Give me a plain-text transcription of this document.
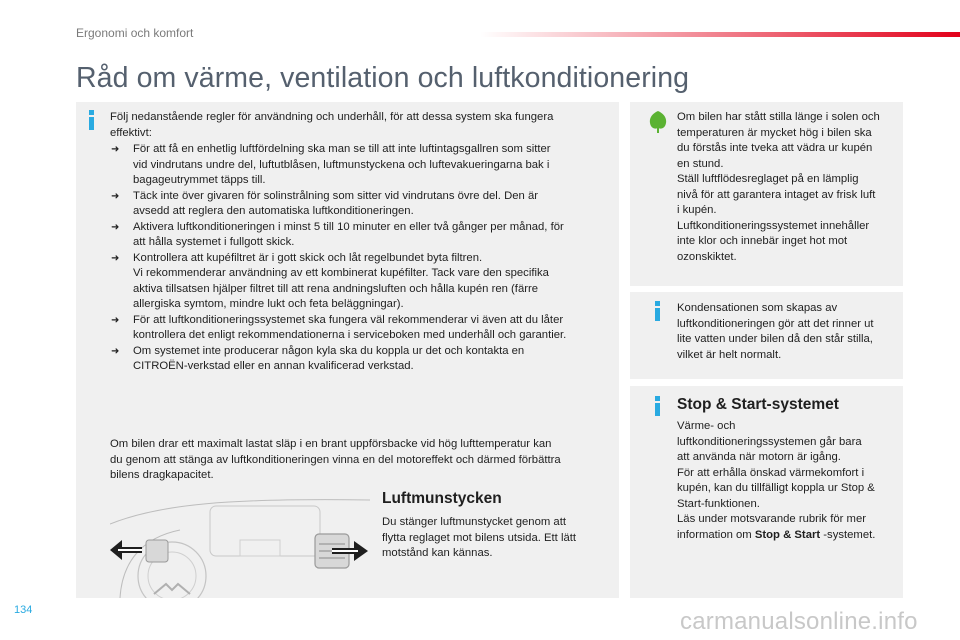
Ergonomi och komfort
Råd om värme, ventilation och luftkonditionering
Följ nedanstående regler för användning och underhåll, för att dessa system ska fungera
effektivt:
➜ För att få en enhetlig luftfördelning ska man se till att inte luftintagsgallren som sitter
vid vindrutans undre del, luftutblåsen, luftmunstyckena och luftevakueringarna bak i
bagageutrymmet täpps till.
➜ Täck inte över givaren för solinstrålning som sitter vid vindrutans övre del. Den är
avsedd att reglera den automatiska luftkonditioneringen.
➜ Aktivera luftkonditioneringen i minst 5 till 10 minuter en eller två gånger per månad, för
att hålla systemet i fullgott skick.
➜ Kontrollera att kupéfiltret är i gott skick och låt regelbundet byta filtren.
Vi rekommenderar användning av ett kombinerat kupéfilter. Tack vare den specifika
aktiva tillsatsen hjälper filtret till att rena andningsluften och hålla kupén ren (färre
allergiska symtom, mindre lukt och feta beläggningar).
➜ För att luftkonditioneringssystemet ska fungera väl rekommenderar vi även att du låter
kontrollera det enligt rekommendationerna i serviceboken med underhåll och garantier.
➜ Om systemet inte producerar någon kyla ska du koppla ur det och kontakta en
CITROËN-verkstad eller en annan kvalificerad verkstad.
Om bilen drar ett maximalt lastat släp i en brant uppförsbacke vid hög lufttemperatur kan
du genom att stänga av luftkonditioneringen vinna en del motoreffekt och därmed förbättra
bilens dragkapacitet.
Luftmunstycken
Du stänger luftmunstycket genom att
flytta reglaget mot bilens utsida. Ett lätt
motstånd kan kännas.
Om bilen har stått stilla länge i solen och
temperaturen är mycket hög i bilen ska
du förstås inte tveka att vädra ur kupén
en stund.
Ställ luftflödesreglaget på en lämplig
nivå för att garantera intaget av frisk luft
i kupén.
Luftkonditioneringssystemet innehåller
inte klor och innebär inget hot mot
ozonskiktet.
Kondensationen som skapas av
luftkonditioneringen gör att det rinner ut
lite vatten under bilen då den står stilla,
vilket är helt normalt.
Stop & Start-systemet
Värme- och
luftkonditioneringssystemen går bara
att använda när motorn är igång.
För att erhålla önskad värmekomfort i
kupén, kan du tillfälligt koppla ur Stop &
Start-funktionen.
Läs under motsvarande rubrik för mer
information om Stop & Start -systemet.
134	carmanualsonline.info
